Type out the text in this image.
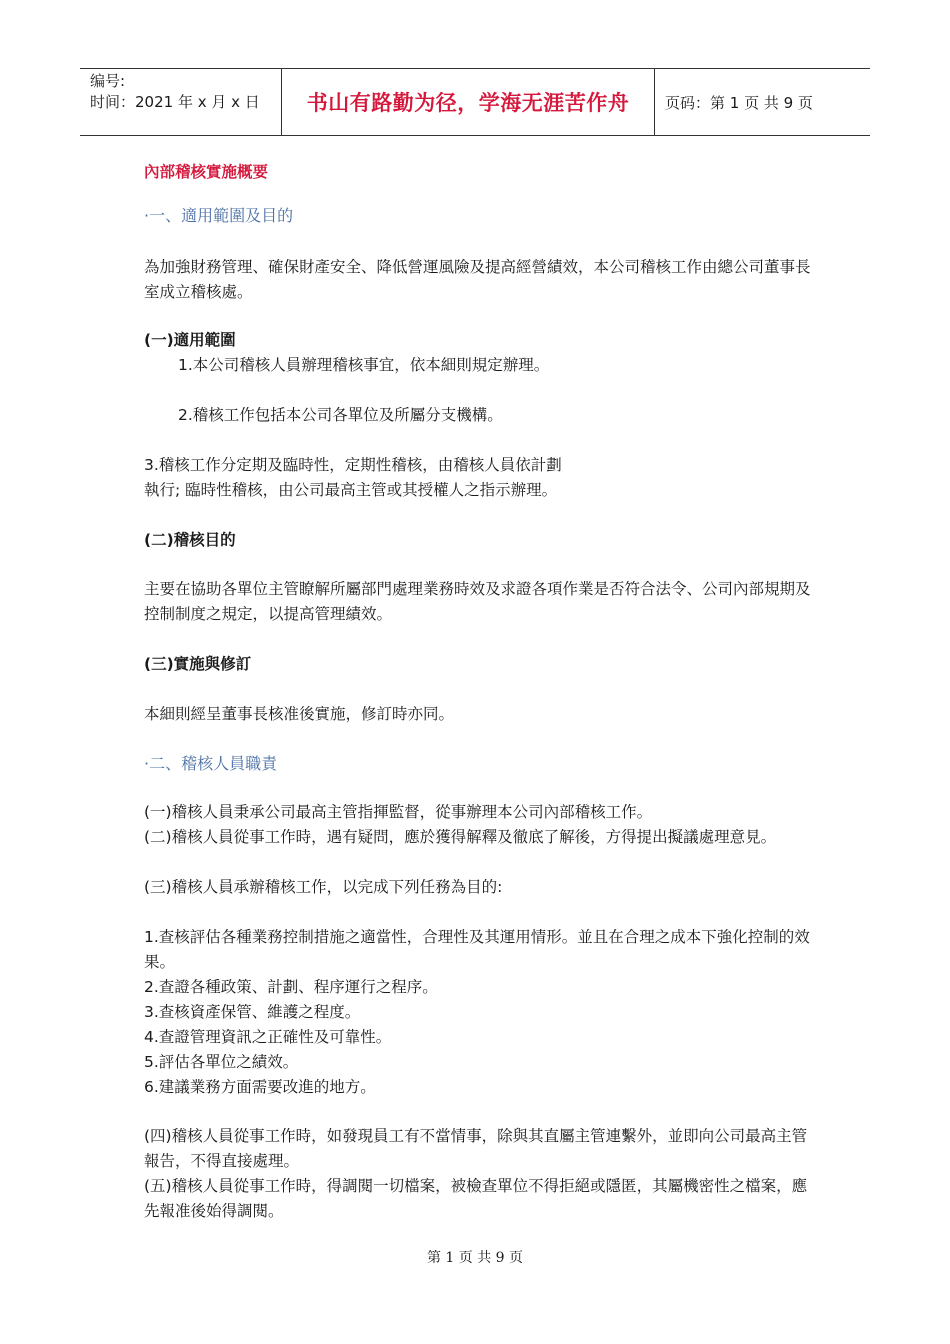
编号:
时间：2021 年 x 月 x 日	书山有路勤为径，学海无涯苦作舟 页码：第 1 页 共 9 页
內部稽核實施概要
·一、適用範圍及目的
為加強財務管理、確保財產安全、降低營運風險及提高經營績效，本公司稽核工作由總公司董事長室成立稽核處。
(一)適用範圍
1.本公司稽核人員辦理稽核事宜，依本細則規定辦理。
2.稽核工作包括本公司各單位及所屬分支機構。
3.稽核工作分定期及臨時性，定期性稽核，由稽核人員依計劃
執行; 臨時性稽核，由公司最高主管或其授權人之指示辦理。
(二)稽核目的
主要在協助各單位主管瞭解所屬部門處理業務時效及求證各項作業是否符合法令、公司內部規期及控制制度之規定，以提高管理績效。
(三)實施與修訂
本細則經呈董事長核准後實施，修訂時亦同。
·二、稽核人員職責
(一)稽核人員秉承公司最高主管指揮監督，從事辦理本公司內部稽核工作。
(二)稽核人員從事工作時，遇有疑問，應於獲得解釋及徹底了解後，方得提出擬議處理意見。
(三)稽核人員承辦稽核工作，以完成下列任務為目的:
1.查核評估各種業務控制措施之適當性，合理性及其運用情形。並且在合理之成本下強化控制的效果。
2.查證各種政策、計劃、程序運行之程序。
3.查核資產保管、維護之程度。
4.查證管理資訊之正確性及可靠性。
5.評估各單位之績效。
6.建議業務方面需要改進的地方。
(四)稽核人員從事工作時，如發現員工有不當情事，除與其直屬主管連繫外，並即向公司最高主管報告，不得直接處理。
(五)稽核人員從事工作時，得調閱一切檔案，被檢查單位不得拒絕或隱匿，其屬機密性之檔案，應先報准後始得調閱。
第 1 页 共 9 页
